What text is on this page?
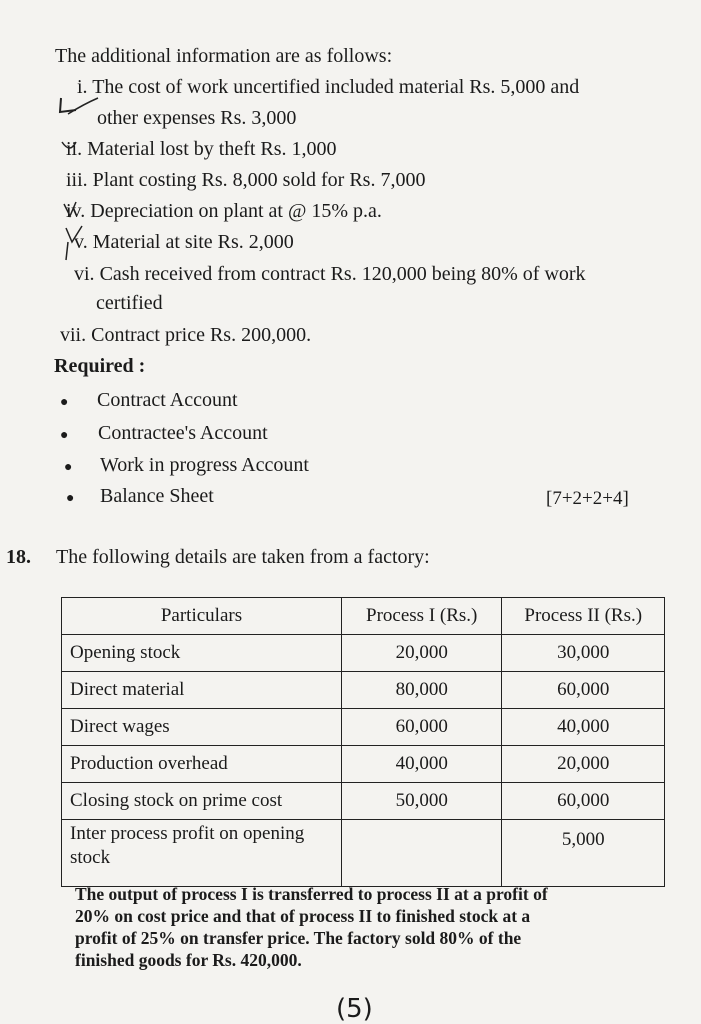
The additional information are as follows:
i. The cost of work uncertified included material Rs. 5,000 and
other expenses Rs. 3,000
ii. Material lost by theft Rs. 1,000
iii. Plant costing Rs. 8,000 sold for Rs. 7,000
iv. Depreciation on plant at @ 15% p.a.
v. Material at site Rs. 2,000
vi. Cash received from contract Rs. 120,000 being 80% of work
certified
vii. Contract price Rs. 200,000.
Required :
● Contract Account
● Contractee's Account
● Work in progress Account
● Balance Sheet	[7+2+2+4]
18. The following details are taken from a factory:
Particulars	Process I (Rs.)	Process II (Rs.)
Opening stock	20,000	30,000
Direct material	80,000	60,000
Direct wages	60,000	40,000
Production overhead	40,000	20,000
Closing stock on prime cost	50,000	60,000
Inter process profit on opening stock		5,000
The output of process I is transferred to process II at a profit of
20% on cost price and that of process II to finished stock at a
profit of 25% on transfer price. The factory sold 80% of the
finished goods for Rs. 420,000.
(5)
